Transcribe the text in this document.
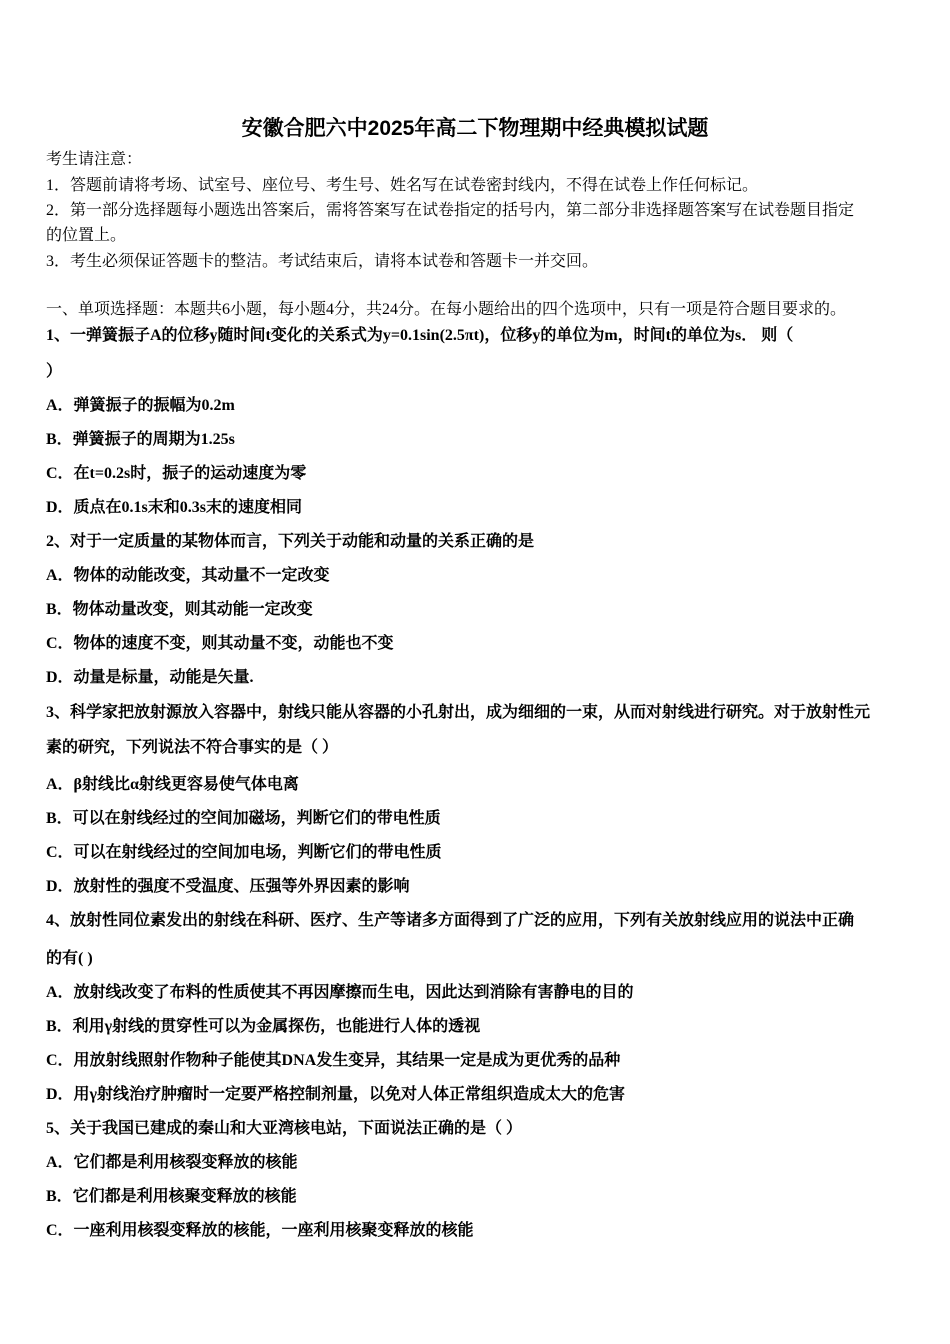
安徽合肥六中2025年高二下物理期中经典模拟试题
考生请注意：
1．答题前请将考场、试室号、座位号、考生号、姓名写在试卷密封线内，不得在试卷上作任何标记。
2．第一部分选择题每小题选出答案后，需将答案写在试卷指定的括号内，第二部分非选择题答案写在试卷题目指定
的位置上。
3．考生必须保证答题卡的整洁。考试结束后，请将本试卷和答题卡一并交回。
一、单项选择题：本题共6小题，每小题4分，共24分。在每小题给出的四个选项中，只有一项是符合题目要求的。
1、一弹簧振子A的位移y随时间t变化的关系式为y=0.1sin(2.5πt)，位移y的单位为m，时间t的单位为s． 则（
）
A．弹簧振子的振幅为0.2m
B．弹簧振子的周期为1.25s
C．在t=0.2s时，振子的运动速度为零
D．质点在0.1s末和0.3s末的速度相同
2、对于一定质量的某物体而言，下列关于动能和动量的关系正确的是
A．物体的动能改变，其动量不一定改变
B．物体动量改变，则其动能一定改变
C．物体的速度不变，则其动量不变，动能也不变
D．动量是标量，动能是矢量.
3、科学家把放射源放入容器中，射线只能从容器的小孔射出，成为细细的一束，从而对射线进行研究。对于放射性元
素的研究，下列说法不符合事实的是（ ）
A．β射线比α射线更容易使气体电离
B．可以在射线经过的空间加磁场，判断它们的带电性质
C．可以在射线经过的空间加电场，判断它们的带电性质
D．放射性的强度不受温度、压强等外界因素的影响
4、放射性同位素发出的射线在科研、医疗、生产等诸多方面得到了广泛的应用，下列有关放射线应用的说法中正确
的有( )
A．放射线改变了布料的性质使其不再因摩擦而生电，因此达到消除有害静电的目的
B．利用γ射线的贯穿性可以为金属探伤，也能进行人体的透视
C．用放射线照射作物种子能使其DNA发生变异，其结果一定是成为更优秀的品种
D．用γ射线治疗肿瘤时一定要严格控制剂量，以免对人体正常组织造成太大的危害
5、关于我国已建成的秦山和大亚湾核电站，下面说法正确的是（ ）
A．它们都是利用核裂变释放的核能
B．它们都是利用核聚变释放的核能
C．一座利用核裂变释放的核能，一座利用核聚变释放的核能
